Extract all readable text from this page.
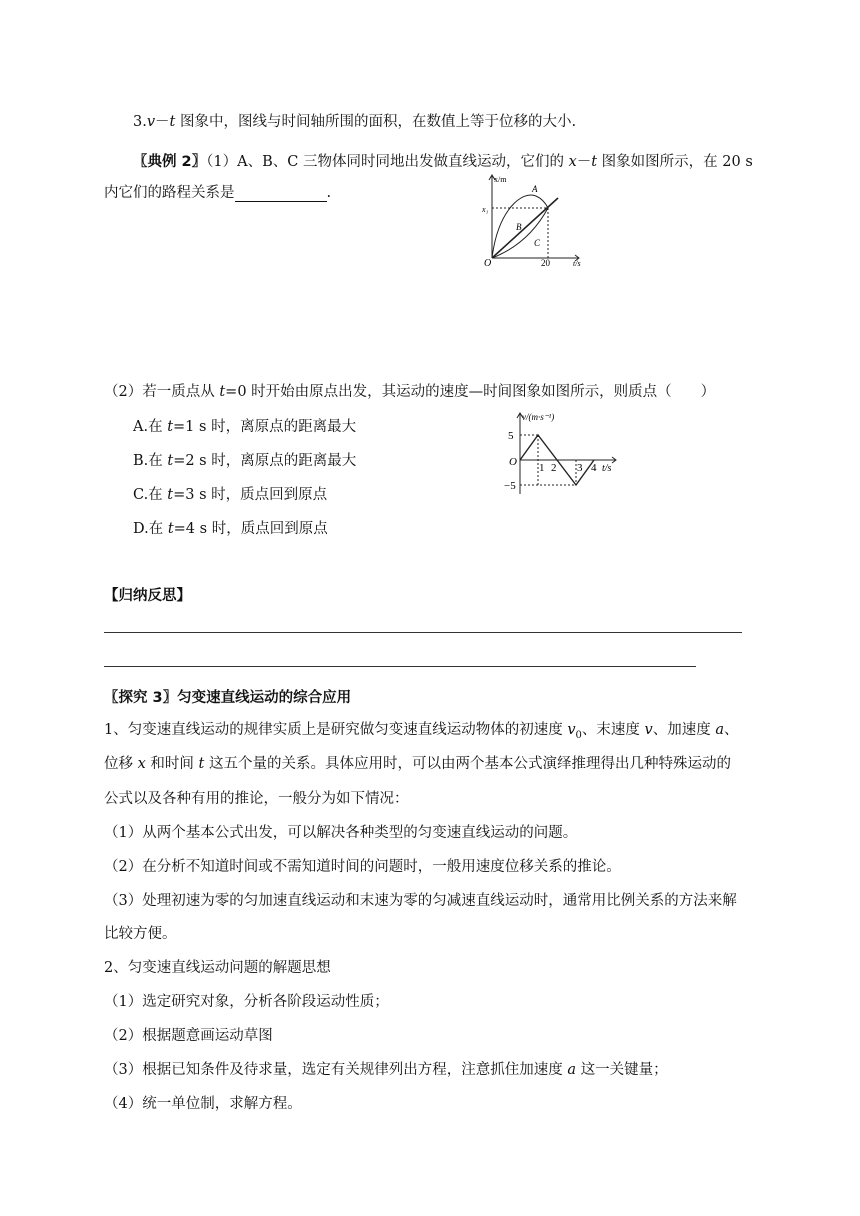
3.v－t 图象中，图线与时间轴所围的面积，在数值上等于位移的大小.
〖典例 2〗（1）A、B、C 三物体同时同地出发做直线运动，它们的 x－t 图象如图所示，在 20 s
内它们的路程关系是	.
x/m
x₁
O	20	t/s
A
B
C
（2）若一质点从 t=0 时开始由原点出发，其运动的速度—时间图象如图所示，则质点（　　）
A.在 t=1 s 时，离原点的距离最大
B.在 t=2 s 时，离原点的距离最大
C.在 t=3 s 时，质点回到原点
D.在 t=4 s 时，质点回到原点
v/(m·s⁻¹)
5
O
−5
1 2 3 4 t/s
【归纳反思】
〖探究 3〗匀变速直线运动的综合应用
1、匀变速直线运动的规律实质上是研究做匀变速直线运动物体的初速度 $v_0$、末速度 v、加速度 a、
位移 x 和时间 t 这五个量的关系。具体应用时，可以由两个基本公式演绎推理得出几种特殊运动的
公式以及各种有用的推论，一般分为如下情况：
（1）从两个基本公式出发，可以解决各种类型的匀变速直线运动的问题。
（2）在分析不知道时间或不需知道时间的问题时，一般用速度位移关系的推论。
（3）处理初速为零的匀加速直线运动和末速为零的匀减速直线运动时，通常用比例关系的方法来解
比较方便。
2、匀变速直线运动问题的解题思想
（1）选定研究对象，分析各阶段运动性质；
（2）根据题意画运动草图
（3）根据已知条件及待求量，选定有关规律列出方程，注意抓住加速度 a 这一关键量；
（4）统一单位制，求解方程。
